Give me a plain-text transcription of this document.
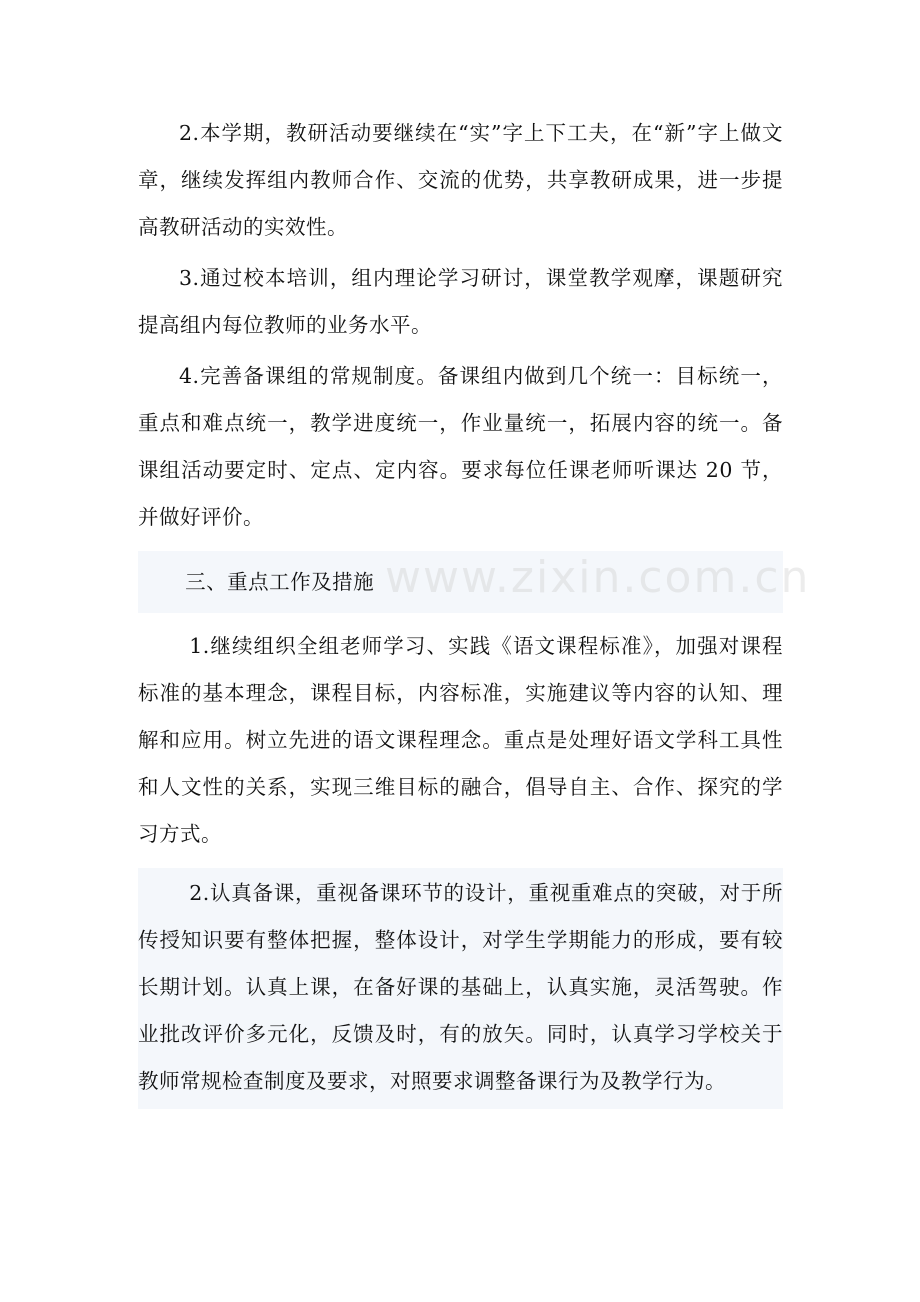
2.本学期，教研活动要继续在“实”字上下工夫，在“新”字上做文章，继续发挥组内教师合作、交流的优势，共享教研成果，进一步提高教研活动的实效性。

3.通过校本培训，组内理论学习研讨，课堂教学观摩，课题研究提高组内每位教师的业务水平。

4.完善备课组的常规制度。备课组内做到几个统一：目标统一，重点和难点统一，教学进度统一，作业量统一，拓展内容的统一。备课组活动要定时、定点、定内容。要求每位任课老师听课达 20 节，并做好评价。

三、重点工作及措施

1.继续组织全组老师学习、实践《语文课程标准》，加强对课程标准的基本理念，课程目标，内容标准，实施建议等内容的认知、理解和应用。树立先进的语文课程理念。重点是处理好语文学科工具性和人文性的关系，实现三维目标的融合，倡导自主、合作、探究的学习方式。

2.认真备课，重视备课环节的设计，重视重难点的突破，对于所传授知识要有整体把握，整体设计，对学生学期能力的形成，要有较长期计划。认真上课，在备好课的基础上，认真实施，灵活驾驶。作业批改评价多元化，反馈及时，有的放矢。同时，认真学习学校关于教师常规检查制度及要求，对照要求调整备课行为及教学行为。

www.zixin.com.cn
